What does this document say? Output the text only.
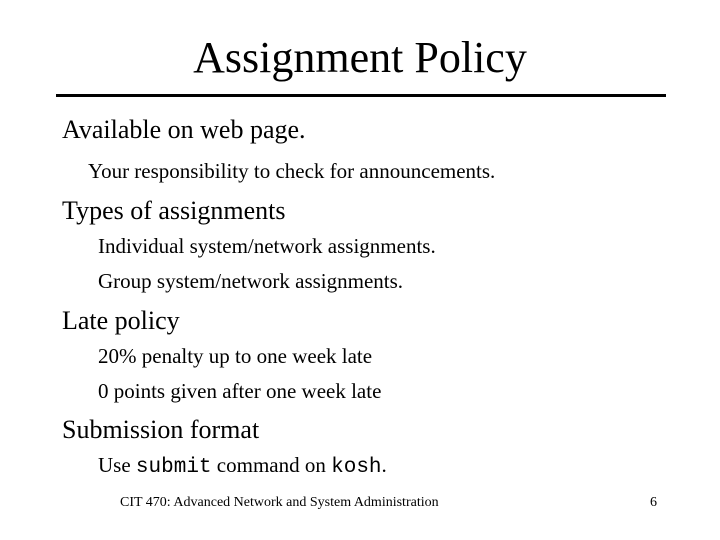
Assignment Policy
Available on web page.
Your responsibility to check for announcements.
Types of assignments
Individual system/network assignments.
Group system/network assignments.
Late policy
20% penalty up to one week late
0 points given after one week late
Submission format
Use submit command on kosh.
CIT 470: Advanced Network and System Administration	6
